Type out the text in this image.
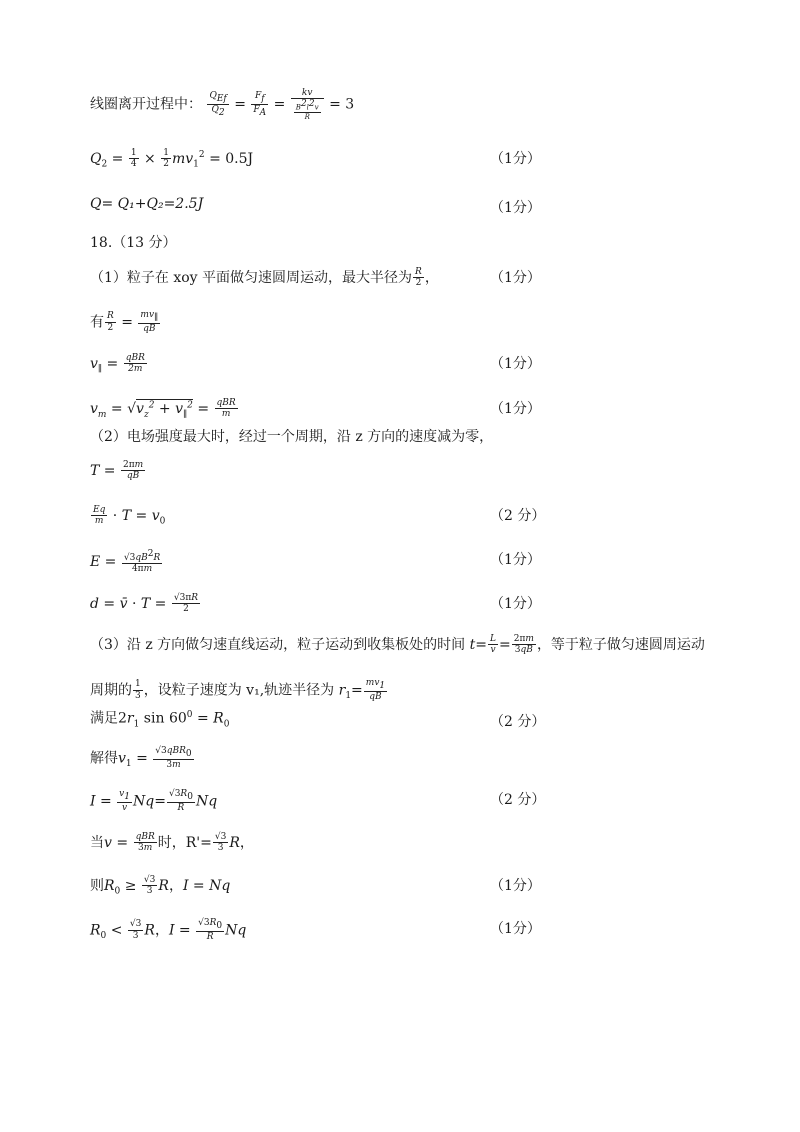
线圈离开过程中： $\frac{Q_{Ef}}{Q_2} = \frac{F_f}{F_A} = \frac{kv}{\frac{B^2l^2v}{R}} = 3$
$Q_2 = \frac{1}{4} \times \frac{1}{2} mv_1^2 = 0.5J$	（1分）
Q= Q₁+Q₂=2.5J	（1分）
18.（13 分）
（1）粒子在 xoy 平面做匀速圆周运动，最大半径为 $\frac{R}{2}$ ，	（1分）
有 $\frac{R}{2} = \frac{mv_\parallel}{qB}$
$v_\parallel = \frac{\text{qBR}}{2m}$	（1分）
$v_m = √v_z^2 + v_\parallel^2 = \frac{\text{qBR}}{m}$	（1分）
（2）电场强度最大时，经过一个周期，沿 z 方向的速度减为零，
$T = \frac{2\pi m}{qB}$
$\frac{Eq}{m} \cdot T = v_0$	（2 分）
$E = \frac{√3qB^2R}{4\pi m}$	（1分）
d = v̄ · $T = \frac{√3\pi R}{2}$	（1分）
（3）沿 z 方向做匀速直线运动，粒子运动到收集板处的时间 $t= \frac{L}{v} = \frac{2\pi m}{3qB}$ ，等于粒子做匀速圆周运动
周期的 $\frac{1}{3}$ ，设粒子速度为 v₁,轨迹半径为 $r_1= \frac{mv_1}{qB}$
满足$2r_1$ $\sin 60^0 = R_0$	（2 分）
解得$v_1 = \frac{√3qBR_0}{3m}$
$I = \frac{v_1}{v} Nq= \frac{√3R_0}{R}$ Nq	（2 分）
当$v = \frac{\text{qBR}}{3m}$ 时，$R'= \frac{√3}{3}$ R，
则$R_0 \ge \frac{√3}{3}$ R，I = Nq	（1分）
$R_0 < \frac{√3}{3}$ R，$I = \frac{√3R_0}{R}$ Nq	（1分）
